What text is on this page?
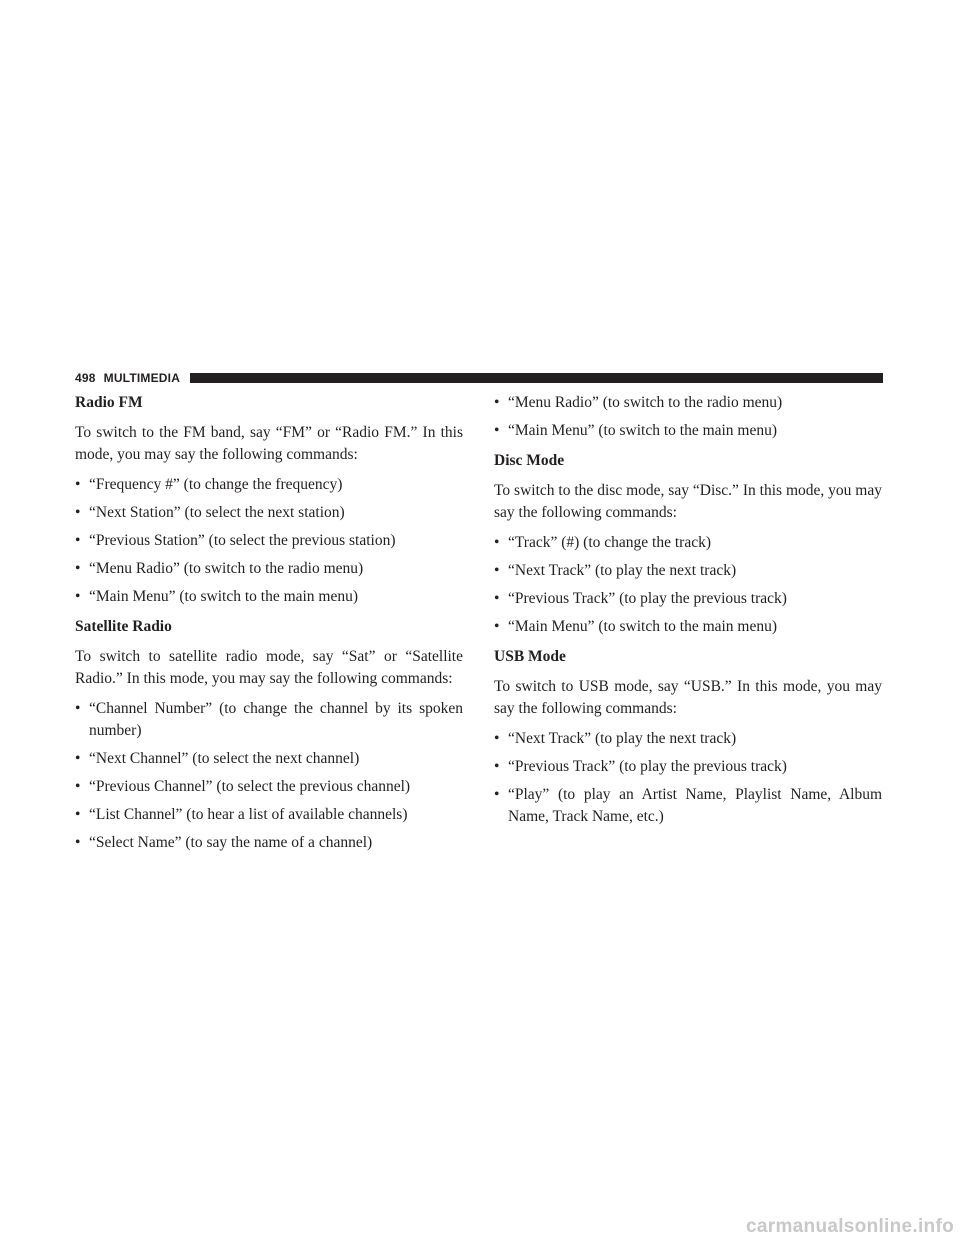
498 MULTIMEDIA
Radio FM
To switch to the FM band, say “FM” or “Radio FM.” In this mode, you may say the following commands:
• “Frequency #” (to change the frequency)
• “Next Station” (to select the next station)
• “Previous Station” (to select the previous station)
• “Menu Radio” (to switch to the radio menu)
• “Main Menu” (to switch to the main menu)
Satellite Radio
To switch to satellite radio mode, say “Sat” or “Satellite Radio.” In this mode, you may say the following commands:
• “Channel Number” (to change the channel by its spoken number)
• “Next Channel” (to select the next channel)
• “Previous Channel” (to select the previous channel)
• “List Channel” (to hear a list of available channels)
• “Select Name” (to say the name of a channel)
• “Menu Radio” (to switch to the radio menu)
• “Main Menu” (to switch to the main menu)
Disc Mode
To switch to the disc mode, say “Disc.” In this mode, you may say the following commands:
• “Track” (#) (to change the track)
• “Next Track” (to play the next track)
• “Previous Track” (to play the previous track)
• “Main Menu” (to switch to the main menu)
USB Mode
To switch to USB mode, say “USB.” In this mode, you may say the following commands:
• “Next Track” (to play the next track)
• “Previous Track” (to play the previous track)
• “Play” (to play an Artist Name, Playlist Name, Album Name, Track Name, etc.)
carmanualsonline.info
